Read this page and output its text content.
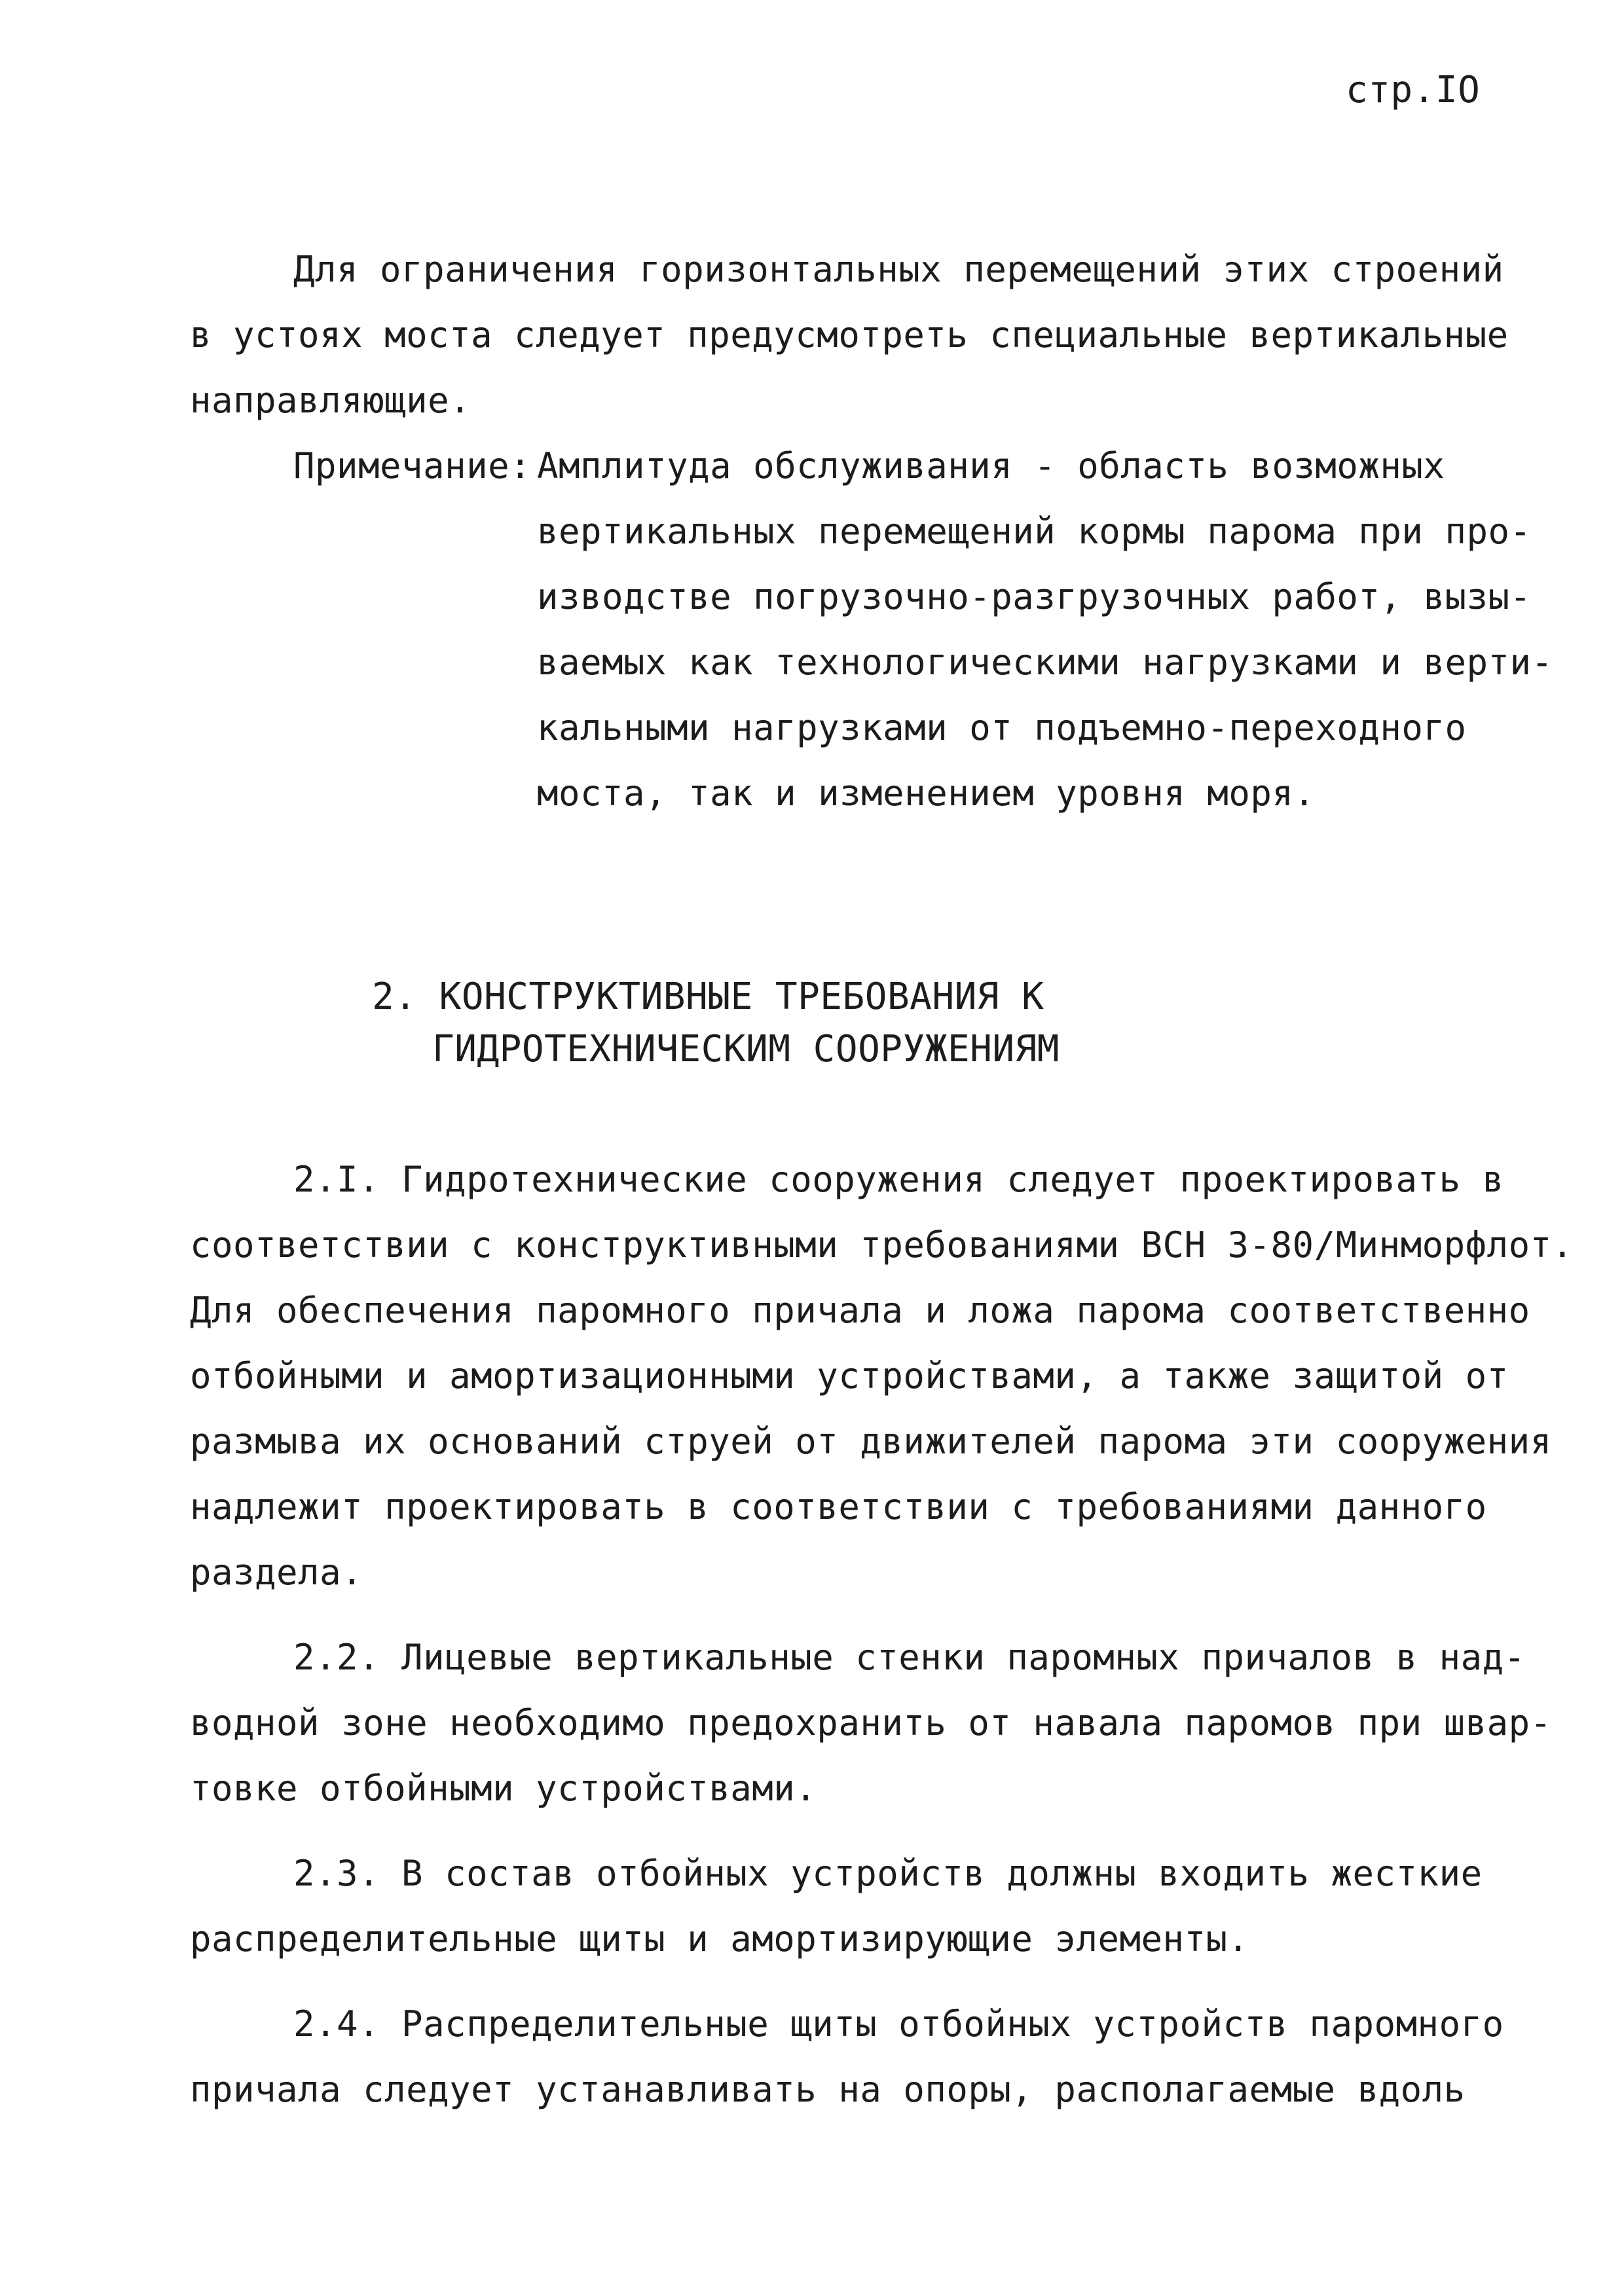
стр.IO
Для ограничения горизонтальных перемещений этих строений
в устоях моста следует предусмотреть специальные вертикальные
направляющие.
Примечание: Амплитуда обслуживания - область возможных
вертикальных перемещений кормы парома при про-
изводстве погрузочно-разгрузочных работ, вызы-
ваемых как технологическими нагрузками и верти-
кальными нагрузками от подъемно-переходного
моста, так и изменением уровня моря.
2. КОНСТРУКТИВНЫЕ ТРЕБОВАНИЯ К
ГИДРОТЕХНИЧЕСКИМ СООРУЖЕНИЯМ
2.I. Гидротехнические сооружения следует проектировать в
соответствии с конструктивными требованиями ВСН 3-80/Минморфлот.
Для обеспечения паромного причала и ложа парома соответственно
отбойными и амортизационными устройствами, а также защитой от
размыва их оснований струей от движителей парома эти сооружения
надлежит проектировать в соответствии с требованиями данного
раздела.
2.2. Лицевые вертикальные стенки паромных причалов в над-
водной зоне необходимо предохранить от навала паромов при швар-
товке отбойными устройствами.
2.3. В состав отбойных устройств должны входить жесткие
распределительные щиты и амортизирующие элементы.
2.4. Распределительные щиты отбойных устройств паромного
причала следует устанавливать на опоры, располагаемые вдоль
